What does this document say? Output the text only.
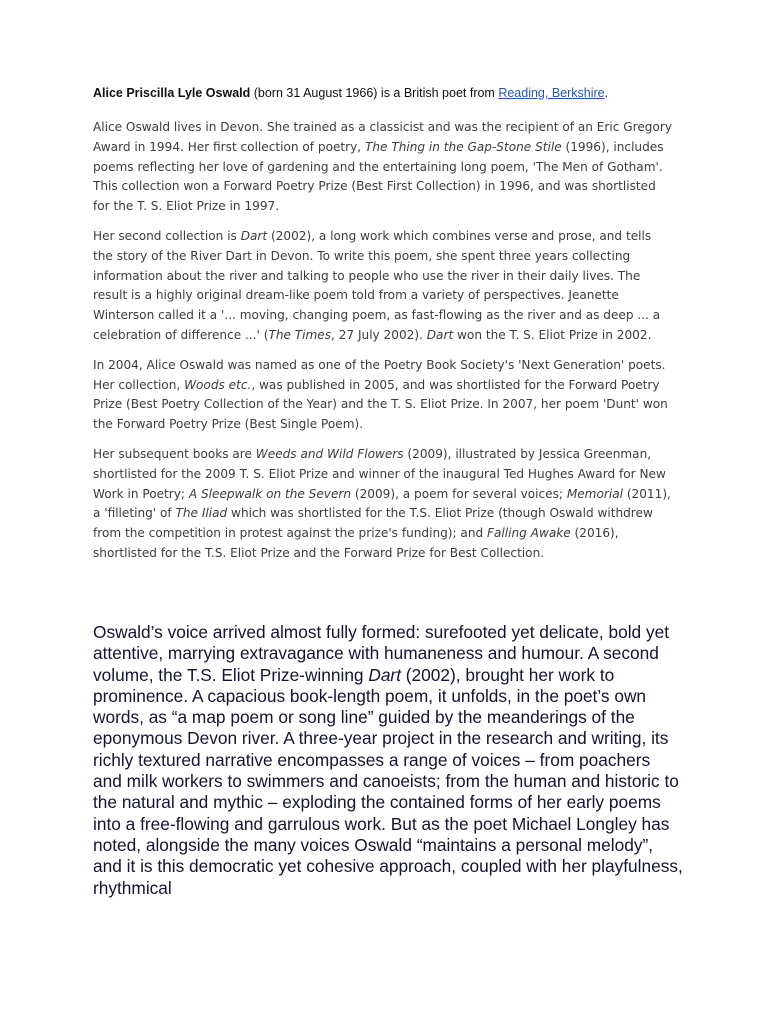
Alice Priscilla Lyle Oswald (born 31 August 1966) is a British poet from Reading, Berkshire.

Alice Oswald lives in Devon. She trained as a classicist and was the recipient of an Eric Gregory Award in 1994. Her first collection of poetry, The Thing in the Gap-Stone Stile (1996), includes poems reflecting her love of gardening and the entertaining long poem, 'The Men of Gotham'. This collection won a Forward Poetry Prize (Best First Collection) in 1996, and was shortlisted for the T. S. Eliot Prize in 1997.

Her second collection is Dart (2002), a long work which combines verse and prose, and tells the story of the River Dart in Devon. To write this poem, she spent three years collecting information about the river and talking to people who use the river in their daily lives. The result is a highly original dream-like poem told from a variety of perspectives. Jeanette Winterson called it a '... moving, changing poem, as fast-flowing as the river and as deep ... a celebration of difference ...' (The Times, 27 July 2002). Dart won the T. S. Eliot Prize in 2002.

In 2004, Alice Oswald was named as one of the Poetry Book Society's 'Next Generation' poets. Her collection, Woods etc., was published in 2005, and was shortlisted for the Forward Poetry Prize (Best Poetry Collection of the Year) and the T. S. Eliot Prize. In 2007, her poem 'Dunt' won the Forward Poetry Prize (Best Single Poem).

Her subsequent books are Weeds and Wild Flowers (2009), illustrated by Jessica Greenman, shortlisted for the 2009 T. S. Eliot Prize and winner of the inaugural Ted Hughes Award for New Work in Poetry; A Sleepwalk on the Severn (2009), a poem for several voices; Memorial (2011), a 'filleting' of The Iliad which was shortlisted for the T.S. Eliot Prize (though Oswald withdrew from the competition in protest against the prize's funding); and Falling Awake (2016), shortlisted for the T.S. Eliot Prize and the Forward Prize for Best Collection.

Oswald’s voice arrived almost fully formed: surefooted yet delicate, bold yet attentive, marrying extravagance with humaneness and humour. A second volume, the T.S. Eliot Prize-winning Dart (2002), brought her work to prominence. A capacious book-length poem, it unfolds, in the poet’s own words, as “a map poem or song line” guided by the meanderings of the eponymous Devon river. A three-year project in the research and writing, its richly textured narrative encompasses a range of voices – from poachers and milk workers to swimmers and canoeists; from the human and historic to the natural and mythic – exploding the contained forms of her early poems into a free-flowing and garrulous work. But as the poet Michael Longley has noted, alongside the many voices Oswald “maintains a personal melody”, and it is this democratic yet cohesive approach, coupled with her playfulness, rhythmical
